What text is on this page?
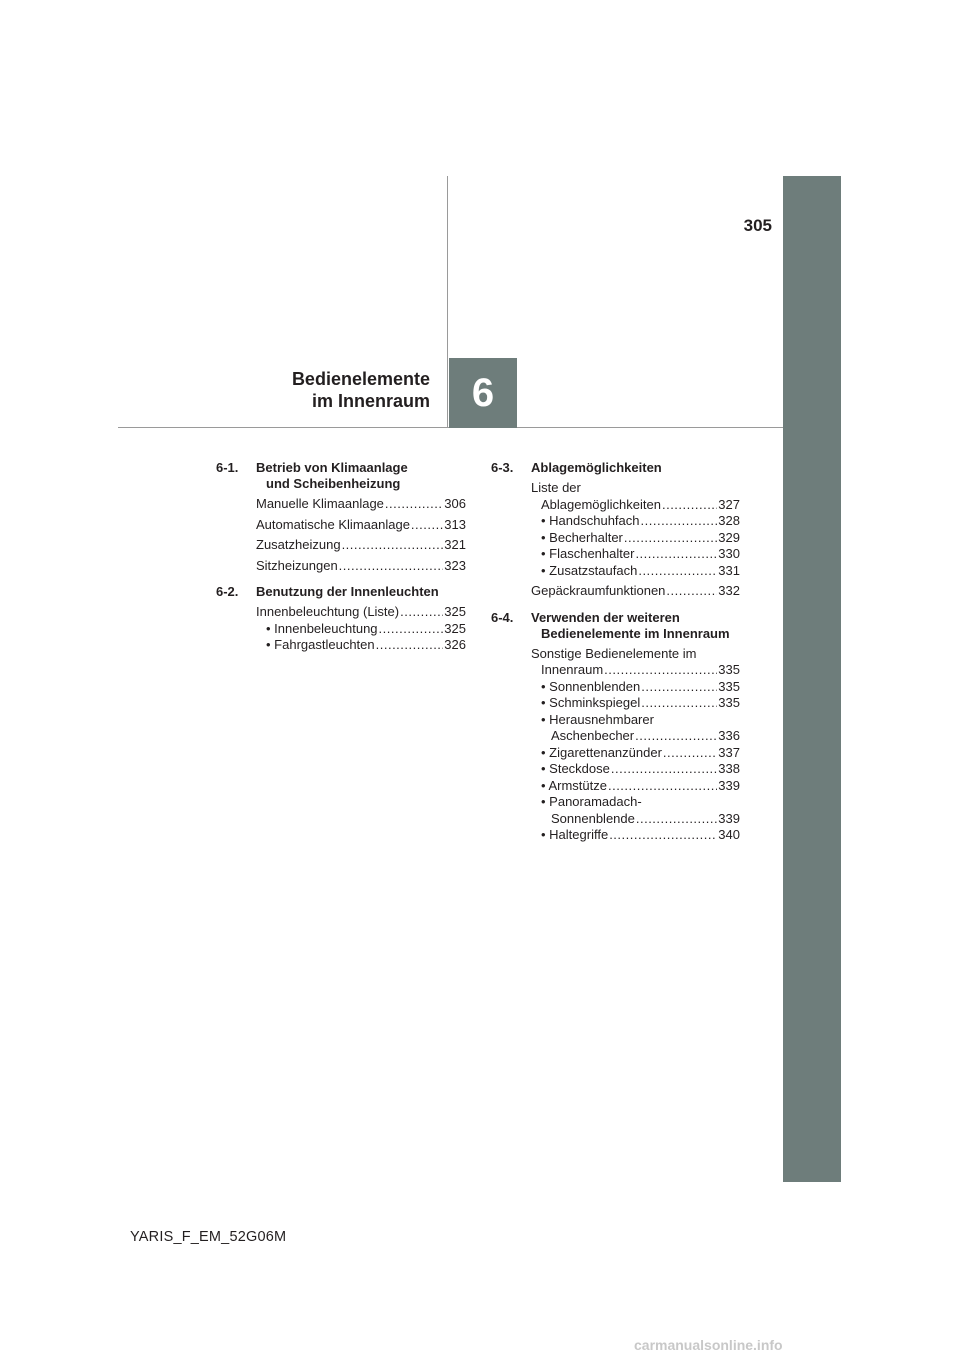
305
Bedienelemente
im Innenraum 6
6-1.	Betrieb von Klimaanlage
und Scheibenheizung
Manuelle Klimaanlage .....	306
Automatische Klimaanlage .....	313
Zusatzheizung .....	321
Sitzheizungen .....	323
6-2.	Benutzung der Innenleuchten
Innenbeleuchtung (Liste) .....	325
• Innenbeleuchtung .....	325
• Fahrgastleuchten .....	326
6-3.	Ablagemöglichkeiten
Liste der
Ablagemöglichkeiten .....	327
• Handschuhfach .....	328
• Becherhalter .....	329
• Flaschenhalter .....	330
• Zusatzstaufach .....	331
Gepäckraumfunktionen .....	332
6-4.	Verwenden der weiteren
Bedienelemente im Innenraum
Sonstige Bedienelemente im
Innenraum .....	335
• Sonnenblenden .....	335
• Schminkspiegel .....	335
• Herausnehmbarer
Aschenbecher .....	336
• Zigarettenanzünder .....	337
• Steckdose .....	338
• Armstütze .....	339
• Panoramadach-
Sonnenblende .....	339
• Haltegriffe .....	340
YARIS_F_EM_52G06M
carmanualsonline.info
